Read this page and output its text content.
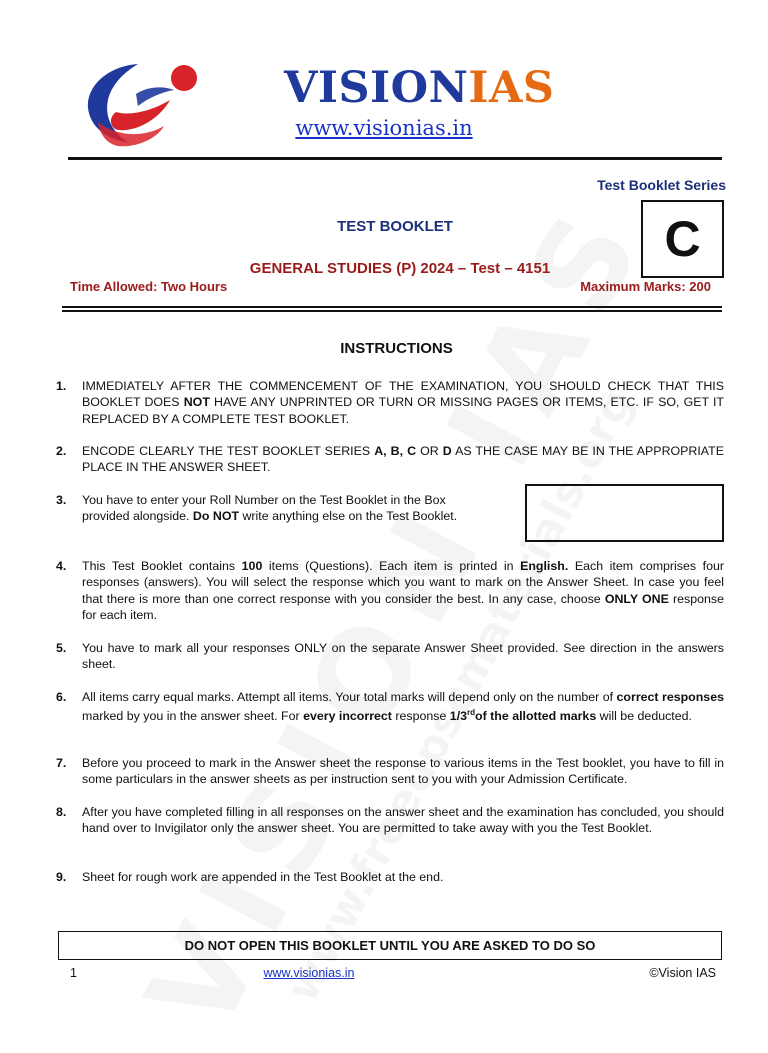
VISIONIAS
www.visionias.in
Test Booklet Series
C
TEST BOOKLET
GENERAL STUDIES (P) 2024 – Test – 4151
Time Allowed: Two Hours	Maximum Marks: 200
INSTRUCTIONS
1.	IMMEDIATELY AFTER THE COMMENCEMENT OF THE EXAMINATION, YOU SHOULD CHECK THAT THIS BOOKLET DOES NOT HAVE ANY UNPRINTED OR TURN OR MISSING PAGES OR ITEMS, ETC. IF SO, GET IT REPLACED BY A COMPLETE TEST BOOKLET.
2.	ENCODE CLEARLY THE TEST BOOKLET SERIES A, B, C OR D AS THE CASE MAY BE IN THE APPROPRIATE PLACE IN THE ANSWER SHEET.
3.	You have to enter your Roll Number on the Test Booklet in the Box provided alongside. Do NOT write anything else on the Test Booklet.
4.	This Test Booklet contains 100 items (Questions). Each item is printed in English. Each item comprises four responses (answers). You will select the response which you want to mark on the Answer Sheet. In case you feel that there is more than one correct response with you consider the best. In any case, choose ONLY ONE response for each item.
5.	You have to mark all your responses ONLY on the separate Answer Sheet provided. See direction in the answers sheet.
6.	All items carry equal marks. Attempt all items. Your total marks will depend only on the number of correct responses marked by you in the answer sheet. For every incorrect response 1/3rdof the allotted marks will be deducted.
7.	Before you proceed to mark in the Answer sheet the response to various items in the Test booklet, you have to fill in some particulars in the answer sheets as per instruction sent to you with your Admission Certificate.
8.	After you have completed filling in all responses on the answer sheet and the examination has concluded, you should hand over to Invigilator only the answer sheet. You are permitted to take away with you the Test Booklet.
9.	Sheet for rough work are appended in the Test Booklet at the end.
DO NOT OPEN THIS BOOKLET UNTIL YOU ARE ASKED TO DO SO
1	www.visionias.in	©Vision IAS
